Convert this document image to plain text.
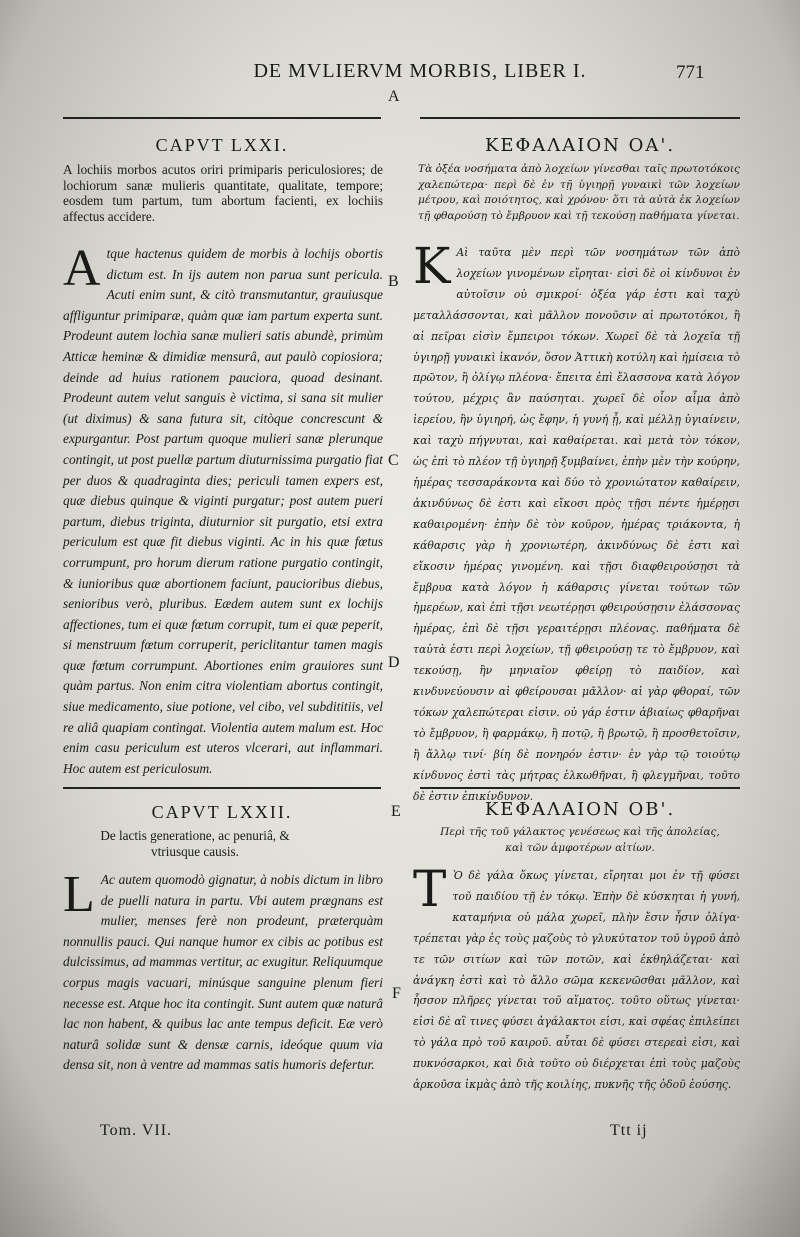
DE MVLIERVM MORBIS, LIBER I.	771
A
CAPVT LXXI.
A lochiis morbos acutos oriri primiparis periculosiores; de lochiorum sanæ mulieris quantitate, qualitate, tempore; eosdem tum partum, tum abortum facienti, ex lochiis affectus accidere.
Atque hactenus quidem de morbis à lochijs obortis dictum est. In ijs autem non parua sunt pericula. Acuti enim sunt, & citò transmutantur, grauiusque affliguntur primiparæ, quàm quæ iam partum experta sunt. Prodeunt autem lochia sanæ mulieri satis abundè, primùm Atticæ heminæ & dimidiæ mensurâ, aut paulò copiosiora; deinde ad huius rationem pauciora, quoad desinant. Prodeunt autem velut sanguis è victima, si sana sit mulier (ut diximus) & sana futura sit, citòque concrescunt & expurgantur. Post partum quoque mulieri sanæ plerunque contingit, ut post puellæ partum diuturnissima purgatio fiat per duos & quadraginta dies; periculi tamen expers est, quæ diebus quinque & viginti purgatur; post autem pueri partum, diebus triginta, diuturnior sit purgatio, etsi extra periculum est quæ fit diebus viginti. Ac in his quæ fœtus corrumpunt, pro horum dierum ratione purgatio contingit, & iunioribus quæ abortionem faciunt, paucioribus diebus, senioribus verò, pluribus. Eædem autem sunt ex lochijs affectiones, tum ei quæ fœtum corrupit, tum ei quæ peperit, si menstruum fœtum corruperit, periclitantur tamen magis quæ fœtum corrumpunt. Abortiones enim grauiores sunt quàm partus. Non enim citra violentiam abortus contingit, siue medicamento, siue potione, vel cibo, vel subdititiis, vel re aliâ quapiam contingat. Violentia autem malum est. Hoc enim casu periculum est uteros vlcerari, aut inflammari. Hoc autem est periculosum.
ΚΕΦΑΛΑΙΟΝ ΟΑ'.
Τὰ ὀξέα νοσήματα ἀπὸ λοχείων γίνεσθαι ταῖς πρωτοτόκοις χαλεπώτερα· περὶ δὲ ἐν τῇ ὑγιηρῇ γυναικὶ τῶν λοχείων μέτρου, καὶ ποιότητος, καὶ χρόνου· ὅτι τὰ αὐτὰ ἐκ λοχείων τῇ φθαρούσῃ τὸ ἔμβρυον καὶ τῇ τεκούσῃ παθήματα γίνεται.
Κ Αὶ ταῦτα μὲν περὶ τῶν νοσημάτων τῶν ἀπὸ λοχείων γινομένων εἴρηται· εἰσὶ δὲ οἱ κίνδυνοι ἐν αὐτοῖσιν οὐ σμικροί· ὀξέα γάρ ἐστι καὶ ταχὺ μεταλλάσσονται, καὶ μᾶλλον πονοῦσιν αἱ πρωτοτόκοι, ἢ αἱ πεῖραι εἰσὶν ἔμπειροι τόκων. Χωρεῖ δὲ τὰ λοχεῖα τῇ ὑγιηρῇ γυναικὶ ἱκανόν, ὅσον Ἀττικὴ κοτύλη καὶ ἡμίσεια τὸ πρῶτον, ἢ ὀλίγῳ πλέονα· ἔπειτα ἐπὶ ἔλασσονα κατὰ λόγον τούτου, μέχρις ἂν παύσηται. χωρεῖ δὲ οἷον αἷμα ἀπὸ ἱερείου, ἢν ὑγιηρή, ὡς ἔφην, ἡ γυνή ᾖ, καὶ μέλλῃ ὑγιαίνειν, καὶ ταχὺ πήγνυται, καὶ καθαίρεται. καὶ μετὰ τὸν τόκον, ὡς ἐπὶ τὸ πλέον τῇ ὑγιηρῇ ξυμβαίνει, ἐπὴν μὲν τὴν κούρην, ἡμέρας τεσσαράκοντα καὶ δύο τὸ χρονιώτατον καθαίρειν, ἀκινδύνως δὲ ἐστι καὶ εἴκοσι πρὸς τῇσι πέντε ἡμέρῃσι καθαιρομένη· ἐπὴν δὲ τὸν κοῦρον, ἡμέρας τριάκοντα, ἡ κάθαρσις γὰρ ἡ χρονιωτέρη, ἀκινδύνως δὲ ἐστι καὶ εἴκοσιν ἡμέρας γινομένη. καὶ τῇσι διαφθειρούσῃσι τὰ ἔμβρυα κατὰ λόγον ἡ κάθαρσις γίνεται τούτων τῶν ἡμερέων, καὶ ἐπὶ τῇσι νεωτέρῃσι φθειρούσῃσιν ἐλάσσονας ἡμέρας, ἐπὶ δὲ τῇσι γεραιτέρῃσι πλέονας. παθήματα δὲ ταὐτὰ ἐστι περὶ λοχείων, τῇ φθειρούσῃ τε τὸ ἔμβρυον, καὶ τεκούσῃ, ἢν μηνιαῖον φθείρῃ τὸ παιδίον, καὶ κινδυνεύουσιν αἱ φθείρουσαι μᾶλλον· αἱ γὰρ φθοραί, τῶν τόκων χαλεπώτεραι εἰσιν. οὐ γάρ ἐστιν ἀβιαίως φθαρῆναι τὸ ἔμβρυον, ἢ φαρμάκῳ, ἢ ποτῷ, ἢ βρωτῷ, ἢ προσθετοῖσιν, ἢ ἄλλῳ τινί· βίη δὲ πονηρόν ἐστιν· ἐν γὰρ τῷ τοιούτῳ κίνδυνος ἐστὶ τὰς μήτρας ἑλκωθῆναι, ἢ φλεγμῆναι, τοῦτο δὲ ἐστιν ἐπικίνδυνον.
B
C
D
E
CAPVT LXXII.
De lactis generatione, ac penuriâ, & vtriusque causis.
L Ac autem quomodò gignatur, à nobis dictum in libro de puelli natura in partu. Vbi autem prægnans est mulier, menses ferè non prodeunt, præterquàm nonnullis pauci. Qui nanque humor ex cibis ac potibus est dulcissimus, ad mammas vertitur, ac exugitur. Reliquumque corpus magis vacuari, minúsque sanguine plenum fieri necesse est. Atque hoc ita contingit. Sunt autem quæ naturâ lac non habent, & quibus lac ante tempus deficit. Eæ verò naturâ solidæ sunt & densæ carnis, ideóque quum via densa sit, non à ventre ad mammas satis humoris defertur.
ΚΕΦΑΛΑΙΟΝ ΟΒ'.
Περὶ τῆς τοῦ γάλακτος γενέσεως καὶ τῆς ἀπολείας, καὶ τῶν ἀμφοτέρων αἰτίων.
Τ Ὸ δὲ γάλα ὅκως γίνεται, εἴρηται μοι ἐν τῇ φύσει τοῦ παιδίου τῇ ἐν τόκῳ. Ἐπὴν δὲ κύσκηται ἡ γυνή, καταμήνια οὐ μάλα χωρεῖ, πλὴν ἔσιν ἧσιν ὀλίγα· τρέπεται γὰρ ἐς τοὺς μαζοὺς τὸ γλυκύτατον τοῦ ὑγροῦ ἀπὸ τε τῶν σιτίων καὶ τῶν ποτῶν, καὶ ἐκθηλάζεται· καὶ ἀνάγκη ἐστὶ καὶ τὸ ἄλλο σῶμα κεκενῶσθαι μᾶλλον, καὶ ἧσσον πλῆρες γίνεται τοῦ αἵματος. τοῦτο οὕτως γίνεται· εἰσὶ δὲ αἳ τινες φύσει ἀγάλακτοι εἰσι, καὶ σφέας ἐπιλείπει τὸ γάλα πρὸ τοῦ καιροῦ. αὗται δὲ φύσει στερεαὶ εἰσι, καὶ πυκνόσαρκοι, καὶ διὰ τοῦτο οὐ διέρχεται ἐπὶ τοὺς μαζοὺς ἀρκοῦσα ἰκμὰς ἀπὸ τῆς κοιλίης, πυκνῆς τῆς ὁδοῦ ἐούσης.
F
Tom. VII.	Ttt ij
